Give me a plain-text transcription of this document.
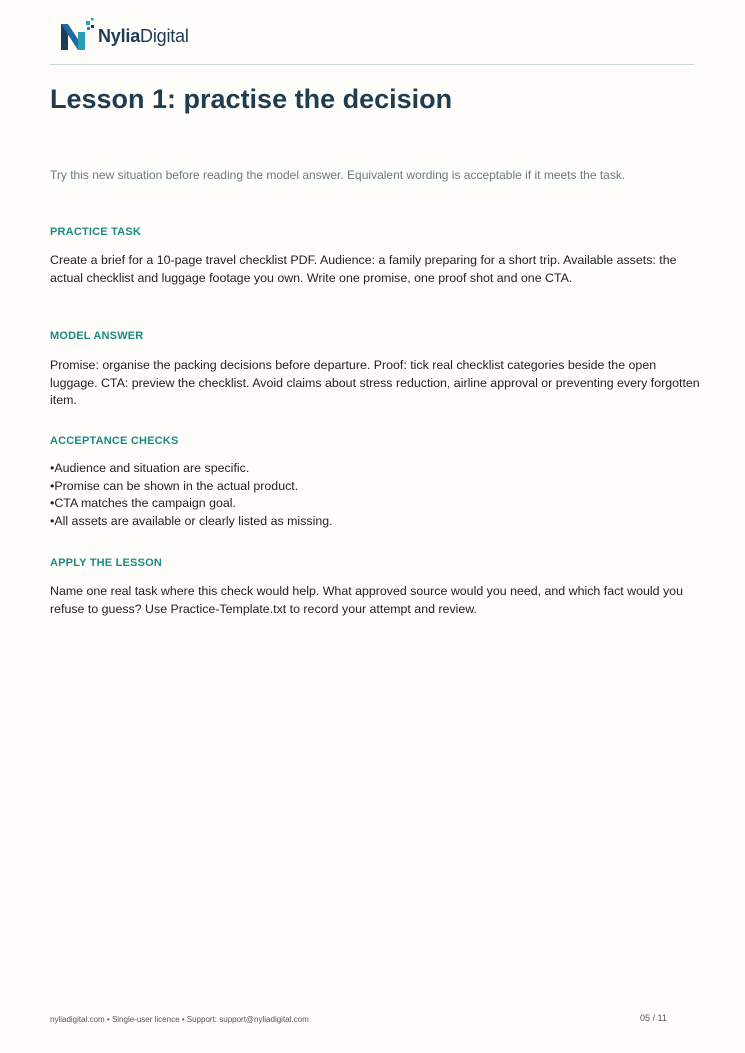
NyliaDigital
Lesson 1: practise the decision

Try this new situation before reading the model answer. Equivalent wording is acceptable if it meets the task.

PRACTICE TASK

Create a brief for a 10-page travel checklist PDF. Audience: a family preparing for a short trip. Available assets: the actual checklist and luggage footage you own. Write one promise, one proof shot and one CTA.

MODEL ANSWER

Promise: organise the packing decisions before departure. Proof: tick real checklist categories beside the open luggage. CTA: preview the checklist. Avoid claims about stress reduction, airline approval or preventing every forgotten item.

ACCEPTANCE CHECKS
• Audience and situation are specific.
• Promise can be shown in the actual product.
• CTA matches the campaign goal.
• All assets are available or clearly listed as missing.
APPLY THE LESSON

Name one real task where this check would help. What approved source would you need, and which fact would you refuse to guess? Use Practice-Template.txt to record your attempt and review.

nyliadigital.com • Single-user licence • Support: support@nyliadigital.com	05 / 11
